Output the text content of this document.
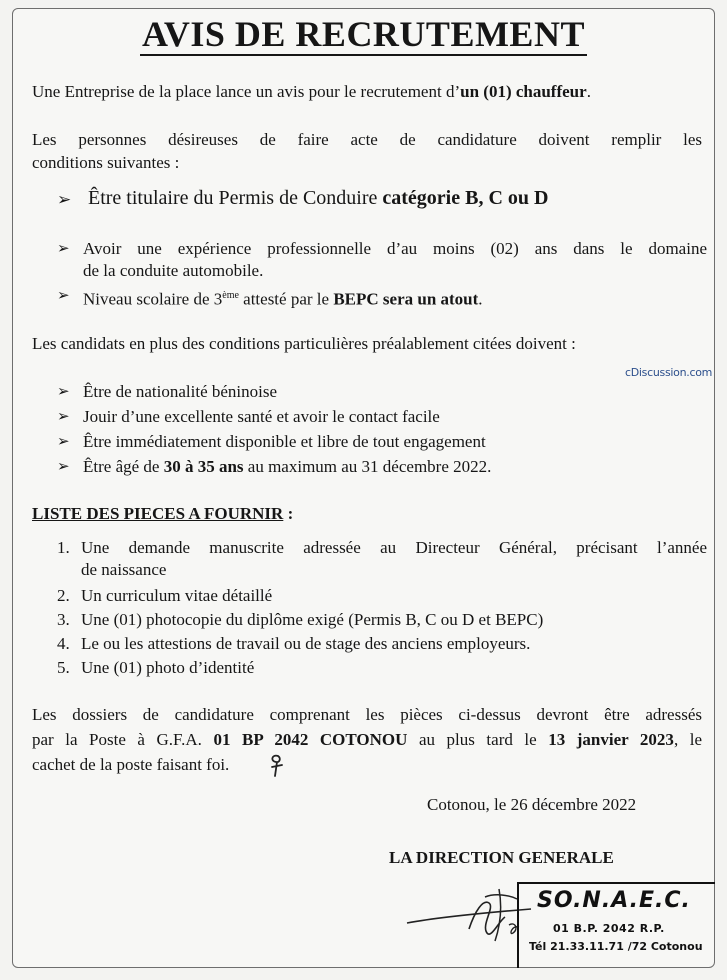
AVIS DE RECRUTEMENT
Une Entreprise de la place lance un avis pour le recrutement d’un (01) chauffeur.
Les personnes désireuses de faire acte de candidature doivent remplir les
conditions suivantes :
➢ Être titulaire du Permis de Conduire catégorie B, C ou D
➢ Avoir une expérience professionnelle d’au moins (02) ans dans le domaine
de la conduite automobile.
➢ Niveau scolaire de 3ème attesté par le BEPC sera un atout.
Les candidats en plus des conditions particulières préalablement citées doivent :
cDiscussion.com
➢ Être de nationalité béninoise
➢ Jouir d’une excellente santé et avoir le contact facile
➢ Être immédiatement disponible et libre de tout engagement
➢ Être âgé de 30 à 35 ans au maximum au 31 décembre 2022.
LISTE DES PIECES A FOURNIR :
1. Une demande manuscrite adressée au Directeur Général, précisant l’année
de naissance
2. Un curriculum vitae détaillé
3. Une (01) photocopie du diplôme exigé (Permis B, C ou D et BEPC)
4. Le ou les attestions de travail ou de stage des anciens employeurs.
5. Une (01) photo d’identité
Les dossiers de candidature comprenant les pièces ci-dessus devront être adressés
par la Poste à G.F.A. 01 BP 2042 COTONOU au plus tard le 13 janvier 2023, le
cachet de la poste faisant foi.
Cotonou, le 26 décembre 2022
LA DIRECTION GENERALE
SO.N.A.E.C.
01 B.P. 2042 R.P.
Tél 21.33.11.71 /72 Cotonou
